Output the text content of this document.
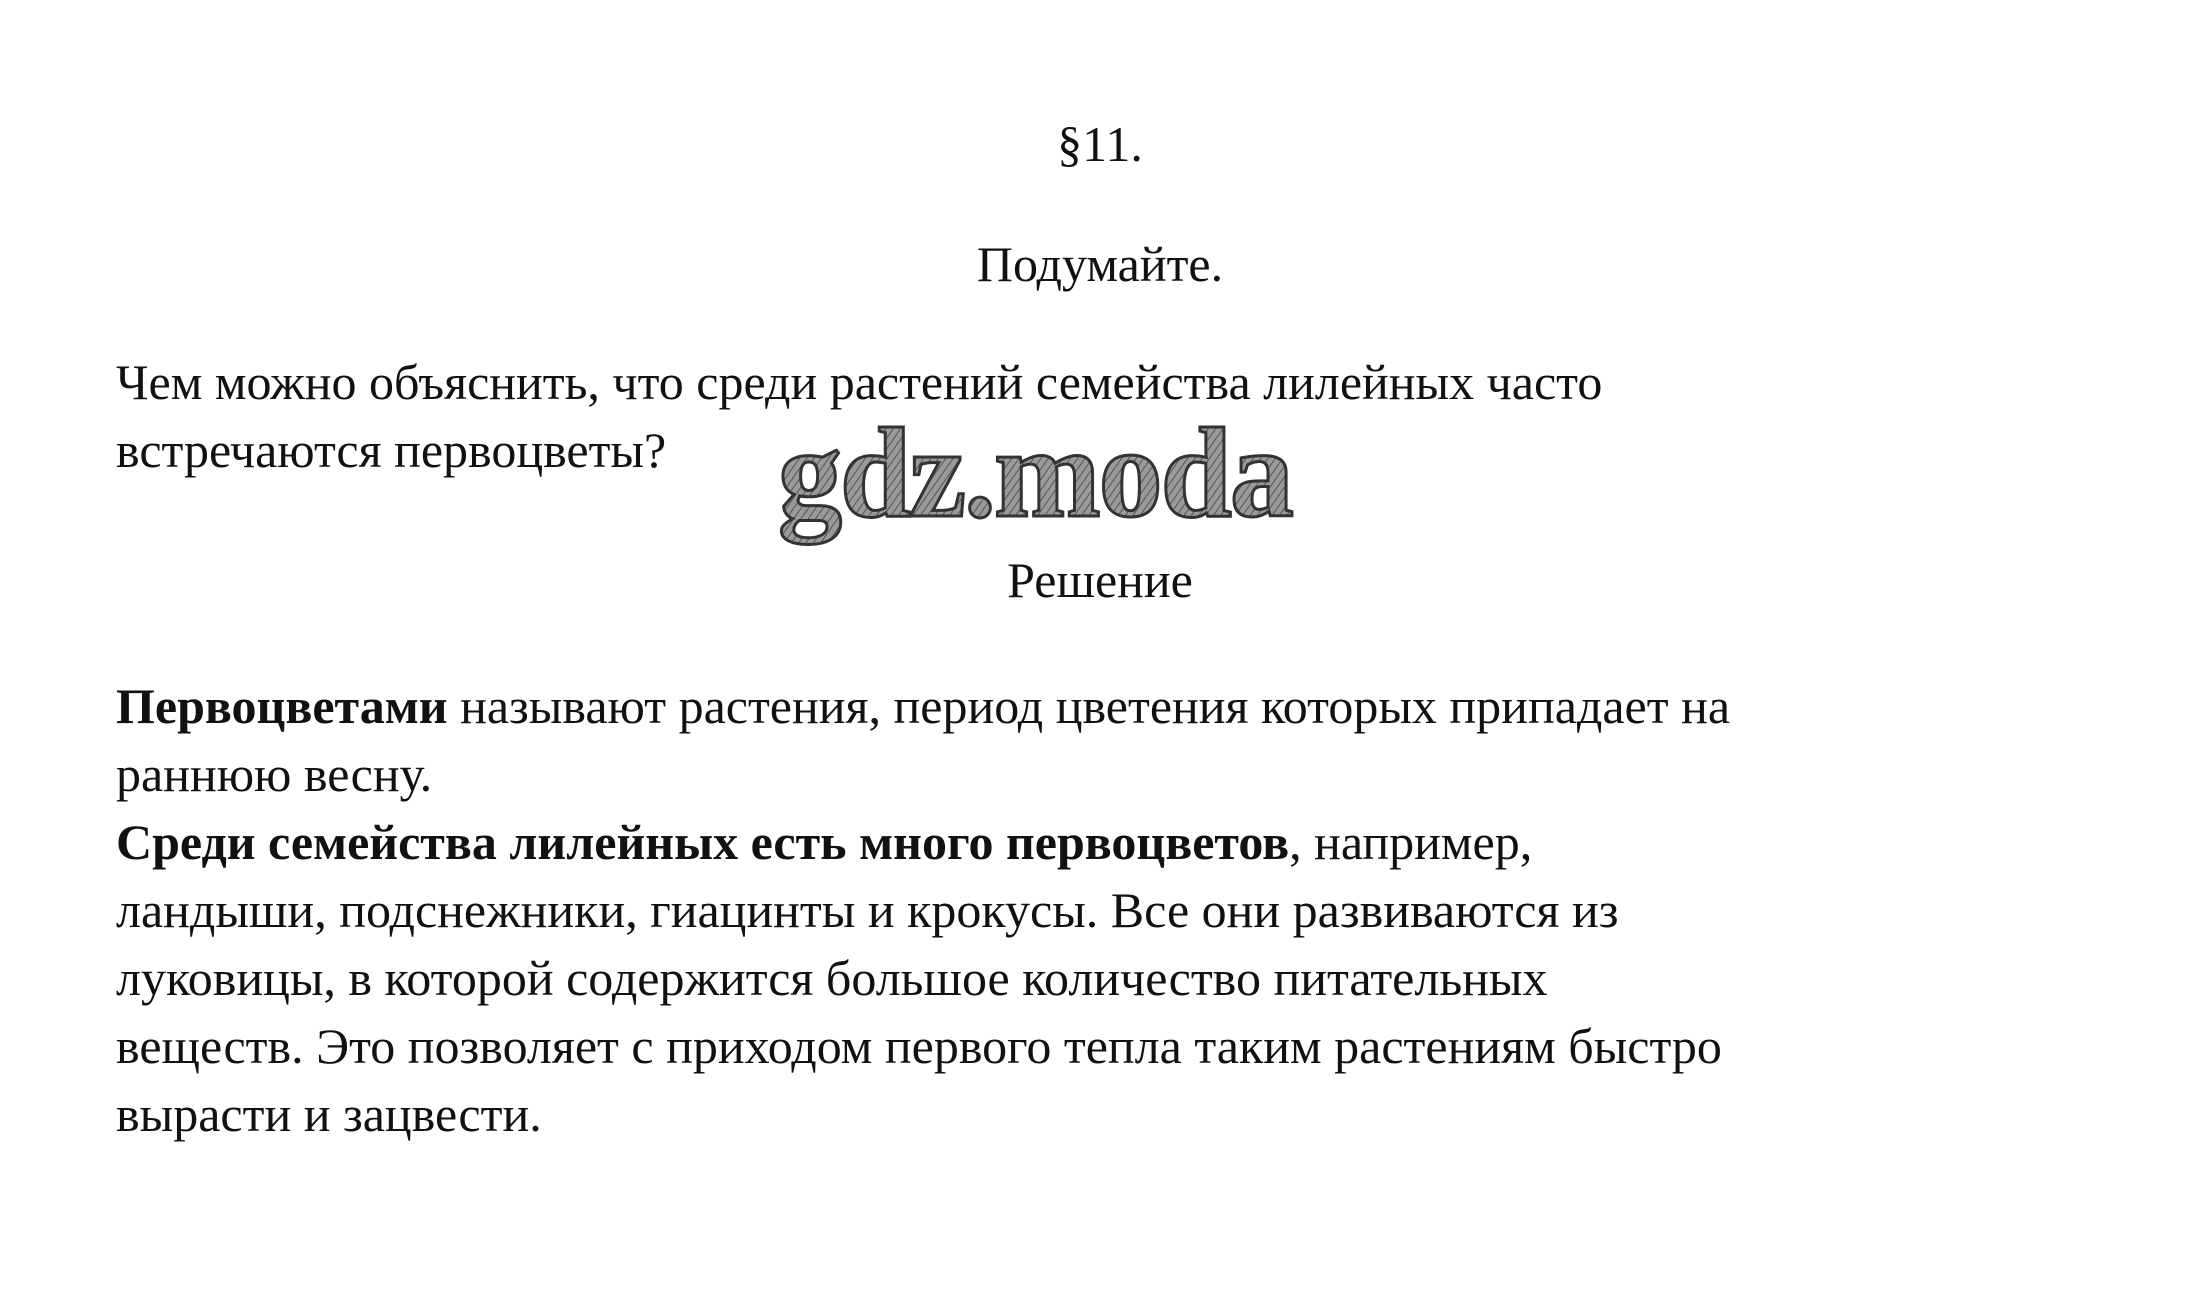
§11.
Подумайте.
Чем можно объяснить, что среди растений семейства лилейных часто
встречаются первоцветы? gdz.moda
Решение
Первоцветами называют растения, период цветения которых припадает на
раннюю весну.
Среди семейства лилейных есть много первоцветов, например,
ландыши, подснежники, гиацинты и крокусы. Все они развиваются из
луковицы, в которой содержится большое количество питательных
веществ. Это позволяет с приходом первого тепла таким растениям быстро
вырасти и зацвести.
